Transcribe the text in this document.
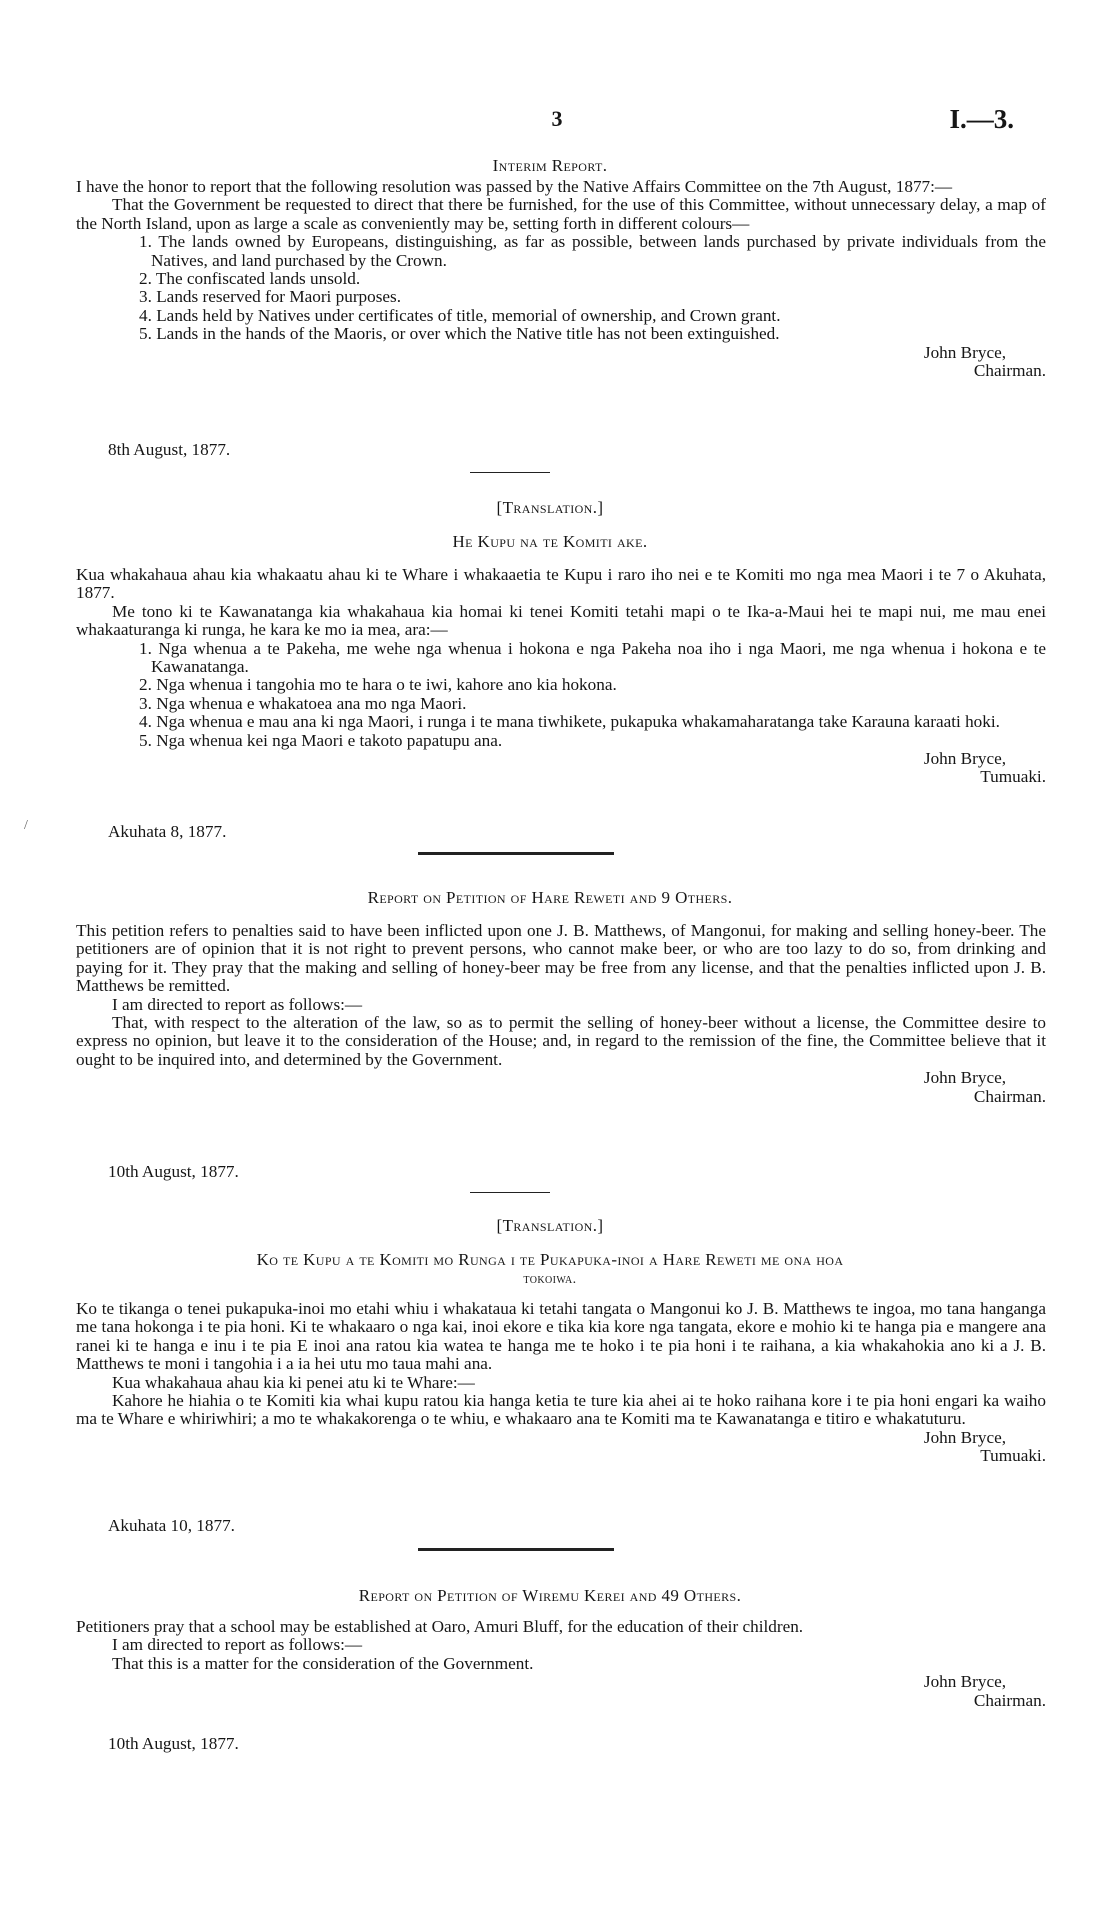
3	I.—3.
Interim Report.

I have the honor to report that the following resolution was passed by the Native Affairs Committee on the 7th August, 1877:—

That the Government be requested to direct that there be furnished, for the use of this Committee, without unnecessary delay, a map of the North Island, upon as large a scale as conveniently may be, setting forth in different colours—

1. The lands owned by Europeans, distinguishing, as far as possible, between lands purchased by private individuals from the Natives, and land purchased by the Crown.

2. The confiscated lands unsold.

3. Lands reserved for Maori purposes.

4. Lands held by Natives under certificates of title, memorial of ownership, and Crown grant.

5. Lands in the hands of the Maoris, or over which the Native title has not been extinguished.

John Bryce,

Chairman.

8th August, 1877.
[Translation.]
He Kupu na te Komiti ake.

Kua whakahaua ahau kia whakaatu ahau ki te Whare i whakaaetia te Kupu i raro iho nei e te Komiti mo nga mea Maori i te 7 o Akuhata, 1877.

Me tono ki te Kawanatanga kia whakahaua kia homai ki tenei Komiti tetahi mapi o te Ika-a-Maui hei te mapi nui, me mau enei whakaaturanga ki runga, he kara ke mo ia mea, ara:—

1. Nga whenua a te Pakeha, me wehe nga whenua i hokona e nga Pakeha noa iho i nga Maori, me nga whenua i hokona e te Kawanatanga.

2. Nga whenua i tangohia mo te hara o te iwi, kahore ano kia hokona.

3. Nga whenua e whakatoea ana mo nga Maori.

4. Nga whenua e mau ana ki nga Maori, i runga i te mana tiwhikete, pukapuka whakamaharatanga take Karauna karaati hoki.

5. Nga whenua kei nga Maori e takoto papatupu ana.

John Bryce,

Tumuaki.

Akuhata 8, 1877.
/
Report on Petition of Hare Reweti and 9 Others.

This petition refers to penalties said to have been inflicted upon one J. B. Matthews, of Mangonui, for making and selling honey-beer. The petitioners are of opinion that it is not right to prevent persons, who cannot make beer, or who are too lazy to do so, from drinking and paying for it. They pray that the making and selling of honey-beer may be free from any license, and that the penalties inflicted upon J. B. Matthews be remitted.

I am directed to report as follows:—

That, with respect to the alteration of the law, so as to permit the selling of honey-beer without a license, the Committee desire to express no opinion, but leave it to the consideration of the House; and, in regard to the remission of the fine, the Committee believe that it ought to be inquired into, and determined by the Government.

John Bryce,

Chairman.

10th August, 1877.
[Translation.]
Ko te Kupu a te Komiti mo Runga i te Pukapuka-inoi a Hare Reweti me ona hoa
tokoiwa.

Ko te tikanga o tenei pukapuka-inoi mo etahi whiu i whakataua ki tetahi tangata o Mangonui ko J. B. Matthews te ingoa, mo tana hanganga me tana hokonga i te pia honi. Ki te whakaaro o nga kai, inoi ekore e tika kia kore nga tangata, ekore e mohio ki te hanga pia e mangere ana ranei ki te hanga e inu i te pia E inoi ana ratou kia watea te hanga me te hoko i te pia honi i te raihana, a kia whakahokia ano ki a J. B. Matthews te moni i tangohia i a ia hei utu mo taua mahi ana.

Kua whakahaua ahau kia ki penei atu ki te Whare:—

Kahore he hiahia o te Komiti kia whai kupu ratou kia hanga ketia te ture kia ahei ai te hoko raihana kore i te pia honi engari ka waiho ma te Whare e whiriwhiri; a mo te whakakorenga o te whiu, e whakaaro ana te Komiti ma te Kawanatanga e titiro e whakatuturu.

John Bryce,

Tumuaki.

Akuhata 10, 1877.
Report on Petition of Wiremu Kerei and 49 Others.

Petitioners pray that a school may be established at Oaro, Amuri Bluff, for the education of their children.

I am directed to report as follows:—

That this is a matter for the consideration of the Government.

John Bryce,

Chairman.

10th August, 1877.
